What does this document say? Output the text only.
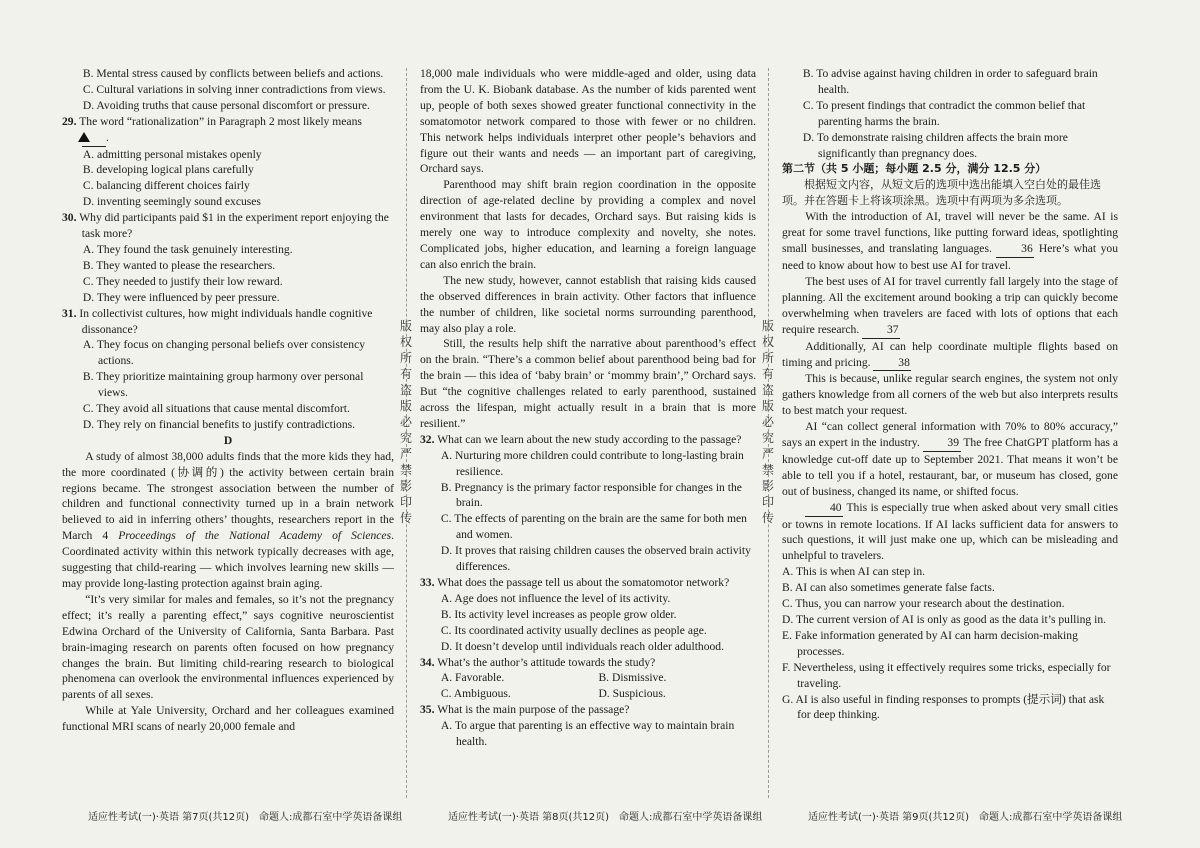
B. Mental stress caused by conflicts between beliefs and actions.

C. Cultural variations in solving inner contradictions from views.

D. Avoiding truths that cause personal discomfort or pressure.

29. The word “rationalization” in Paragraph 2 most likely means
.

A. admitting personal mistakes openly

B. developing logical plans carefully

C. balancing different choices fairly

D. inventing seemingly sound excuses

30. Why did participants paid $1 in the experiment report enjoying the task more?

A. They found the task genuinely interesting.

B. They wanted to please the researchers.

C. They needed to justify their low reward.

D. They were influenced by peer pressure.

31. In collectivist cultures, how might individuals handle cognitive dissonance?

A. They focus on changing personal beliefs over consistency actions.

B. They prioritize maintaining group harmony over personal views.

C. They avoid all situations that cause mental discomfort.

D. They rely on financial benefits to justify contradictions.

D

A study of almost 38,000 adults finds that the more kids they had, the more coordinated (协调的) the activity between certain brain regions became. The strongest association between the number of children and functional connectivity turned up in a brain network believed to aid in inferring others’ thoughts, researchers report in the March 4 Proceedings of the National Academy of Sciences. Coordinated activity within this network typically decreases with age, suggesting that child-rearing — which involves learning new skills — may provide long-lasting protection against brain aging.

“It’s very similar for males and females, so it’s not the pregnancy effect; it’s really a parenting effect,” says cognitive neuroscientist Edwina Orchard of the University of California, Santa Barbara. Past brain-imaging research on parents often focused on how pregnancy changes the brain. But limiting child-rearing research to biological phenomena can overlook the environmental influences experienced by parents of all sexes.

While at Yale University, Orchard and her colleagues examined functional MRI scans of nearly 20,000 female and

版权所有盗版必究严禁影印传

18,000 male individuals who were middle-aged and older, using data from the U. K. Biobank database. As the number of kids parented went up, people of both sexes showed greater functional connectivity in the somatomotor network compared to those with fewer or no children. This network helps individuals interpret other people’s behaviors and figure out their wants and needs — an important part of caregiving, Orchard says.

Parenthood may shift brain region coordination in the opposite direction of age-related decline by providing a complex and novel environment that lasts for decades, Orchard says. But raising kids is merely one way to introduce complexity and novelty, she notes. Complicated jobs, higher education, and learning a foreign language can also enrich the brain.

The new study, however, cannot establish that raising kids caused the observed differences in brain activity. Other factors that influence the number of children, like societal norms surrounding parenthood, may also play a role.

Still, the results help shift the narrative about parenthood’s effect on the brain. “There’s a common belief about parenthood being bad for the brain — this idea of ‘baby brain’ or ‘mommy brain’,” Orchard says. But “the cognitive challenges related to early parenthood, sustained across the lifespan, might actually result in a brain that is more resilient.”

32. What can we learn about the new study according to the passage?

A. Nurturing more children could contribute to long-lasting brain resilience.

B. Pregnancy is the primary factor responsible for changes in the brain.

C. The effects of parenting on the brain are the same for both men and women.

D. It proves that raising children causes the observed brain activity differences.

33. What does the passage tell us about the somatomotor network?

A. Age does not influence the level of its activity.

B. Its activity level increases as people grow older.

C. Its coordinated activity usually declines as people age.

D. It doesn’t develop until individuals reach older adulthood.

34. What’s the author’s attitude towards the study?

A. Favorable.	B. Dismissive.

C. Ambiguous.	D. Suspicious.

35. What is the main purpose of the passage?

A. To argue that parenting is an effective way to maintain brain health.

版权所有盗版必究严禁影印传

B. To advise against having children in order to safeguard brain health.

C. To present findings that contradict the common belief that parenting harms the brain.

D. To demonstrate raising children affects the brain more significantly than pregnancy does.

第二节（共 5 小题；每小题 2.5 分，满分 12.5 分）

根据短文内容，从短文后的选项中选出能填入空白处的最佳选项。并在答题卡上将该项涂黑。选项中有两项为多余选项。

With the introduction of AI, travel will never be the same. AI is great for some travel functions, like putting forward ideas, spotlighting small businesses, and translating languages.	36 Here’s what you need to know about how to best use AI for travel.

The best uses of AI for travel currently fall largely into the stage of planning. All the excitement around booking a trip can quickly become overwhelming when travelers are faced with lots of options that each require research. 37

Additionally, AI can help coordinate multiple flights based on timing and pricing. 38

This is because, unlike regular search engines, the system not only gathers knowledge from all corners of the web but also interprets results to best match your request.

AI “can collect general information with 70% to 80% accuracy,” says an expert in the industry. 39 The free ChatGPT platform has a knowledge cut-off date up to September 2021. That means it won’t be able to tell you if a hotel, restaurant, bar, or museum has closed, gone out of business, changed its name, or shifted focus.

40 This is especially true when asked about very small cities or towns in remote locations. If AI lacks sufficient data for answers to such questions, it will just make one up, which can be misleading and unhelpful to travelers.

A. This is when AI can step in.

B. AI can also sometimes generate false facts.

C. Thus, you can narrow your research about the destination.

D. The current version of AI is only as good as the data it’s pulling in.

E. Fake information generated by AI can harm decision-making processes.

F. Nevertheless, using it effectively requires some tricks, especially for traveling.

G. AI is also useful in finding responses to prompts (提示词) that ask for deep thinking.

适应性考试(一)·英语 第7页(共12页)　命题人:成都石室中学英语备课组	适应性考试(一)·英语 第8页(共12页)　命题人:成都石室中学英语备课组	适应性考试(一)·英语 第9页(共12页)　命题人:成都石室中学英语备课组
